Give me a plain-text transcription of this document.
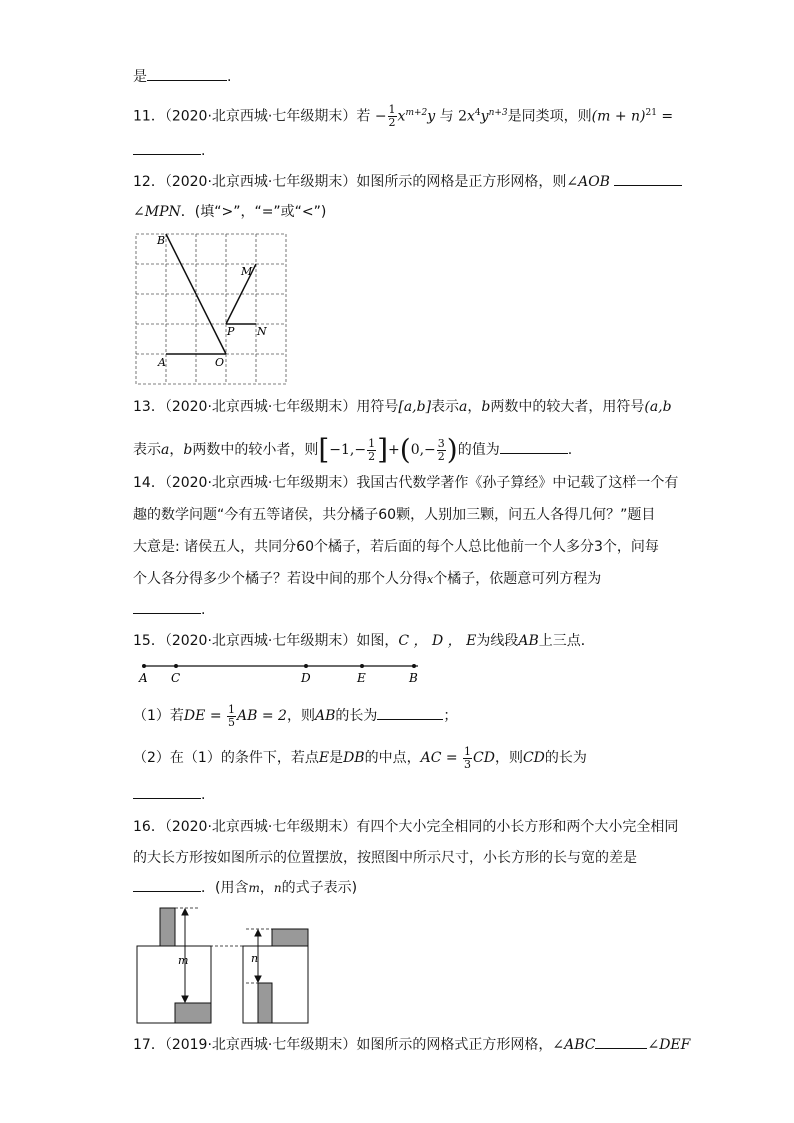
是	.
11．（2020·北京西城·七年级期末）若 − $\frac{1}{2} x^{m+2}y$ 与 $2x^4y^{n+3}$是同类项，则$(m + n)^{21}$ =
.
12．（2020·北京西城·七年级期末）如图所示的网格是正方形网格，则∠AOB
∠MPN．(填“>”，“=”或“<”)
B
M
P N
A	O
13．（2020·北京西城·七年级期末）用符号[a,b]表示a，b两数中的较大者，用符号(a,b
表示a，b两数中的较小者，则$[-1,- \frac{1}{2} ]+(0,- \frac{3}{2}$ )的值为	.
14．（2020·北京西城·七年级期末）我国古代数学著作《孙子算经》中记载了这样一个有
趣的数学问题“今有五等诸侯，共分橘子60颗，人别加三颗，问五人各得几何？”题目
大意是: 诸侯五人，共同分60个橘子，若后面的每个人总比他前一个人多分3个，问每
个人各分得多少个橘子？若设中间的那个人分得x个橘子，依题意可列方程为
.
15．（2020·北京西城·七年级期末）如图，C ， D ， E为线段AB上三点．
A C	D	E	B
（1）若DE = $\frac{1}{5}$ AB = 2，则AB的长为	；
（2）在（1）的条件下，若点E是DB的中点，AC = $\frac{1}{3}$ CD，则CD的长为
.
16．（2020·北京西城·七年级期末）有四个大小完全相同的小长方形和两个大小完全相同
的大长方形按如图所示的位置摆放，按照图中所示尺寸，小长方形的长与宽的差是
．(用含m，n的式子表示)
m	n
17．（2019·北京西城·七年级期末）如图所示的网格式正方形网格，∠ABC	∠DEF
